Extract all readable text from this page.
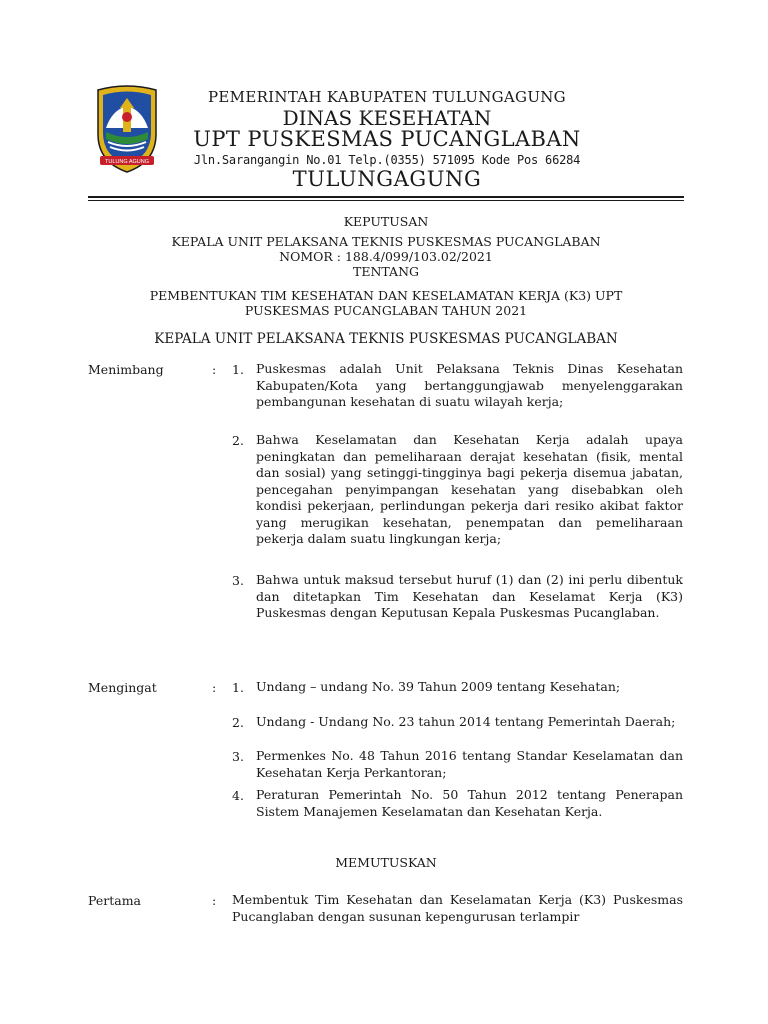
TULUNG AGUNG
PEMERINTAH KABUPATEN TULUNGAGUNG
DINAS KESEHATAN
UPT PUSKESMAS PUCANGLABAN
Jln.Sarangangin No.01 Telp.(0355) 571095 Kode Pos 66284
TULUNGAGUNG
KEPUTUSAN
KEPALA UNIT PELAKSANA TEKNIS PUSKESMAS PUCANGLABAN
NOMOR : 188.4/099/103.02/2021
TENTANG
PEMBENTUKAN TIM KESEHATAN DAN KESELAMATAN KERJA (K3) UPT
PUSKESMAS PUCANGLABAN TAHUN 2021
KEPALA UNIT PELAKSANA TEKNIS PUSKESMAS PUCANGLABAN
Menimbang	: 1. Puskesmas adalah Unit Pelaksana Teknis Dinas Kesehatan Kabupaten/Kota yang bertanggungjawab menyelenggarakan pembangunan kesehatan di suatu wilayah kerja;
2. Bahwa Keselamatan dan Kesehatan Kerja adalah upaya peningkatan dan pemeliharaan derajat kesehatan (fisik, mental dan sosial) yang setinggi-tingginya bagi pekerja disemua jabatan, pencegahan penyimpangan kesehatan yang disebabkan oleh kondisi pekerjaan, perlindungan pekerja dari resiko akibat faktor yang merugikan kesehatan, penempatan dan pemeliharaan pekerja dalam suatu lingkungan kerja;
3. Bahwa untuk maksud tersebut huruf (1) dan (2) ini perlu dibentuk dan ditetapkan Tim Kesehatan dan Keselamat Kerja (K3) Puskesmas dengan Keputusan Kepala Puskesmas Pucanglaban.
Mengingat	: 1. Undang – undang No. 39 Tahun 2009 tentang Kesehatan;
2. Undang - Undang No. 23 tahun 2014 tentang Pemerintah Daerah;
3. Permenkes No. 48 Tahun 2016 tentang Standar Keselamatan dan Kesehatan Kerja Perkantoran;
4. Peraturan Pemerintah No. 50 Tahun 2012 tentang Penerapan Sistem Manajemen Keselamatan dan Kesehatan Kerja.
MEMUTUSKAN
Pertama	: Membentuk Tim Kesehatan dan Keselamatan Kerja (K3) Puskesmas Pucanglaban dengan susunan kepengurusan terlampir
